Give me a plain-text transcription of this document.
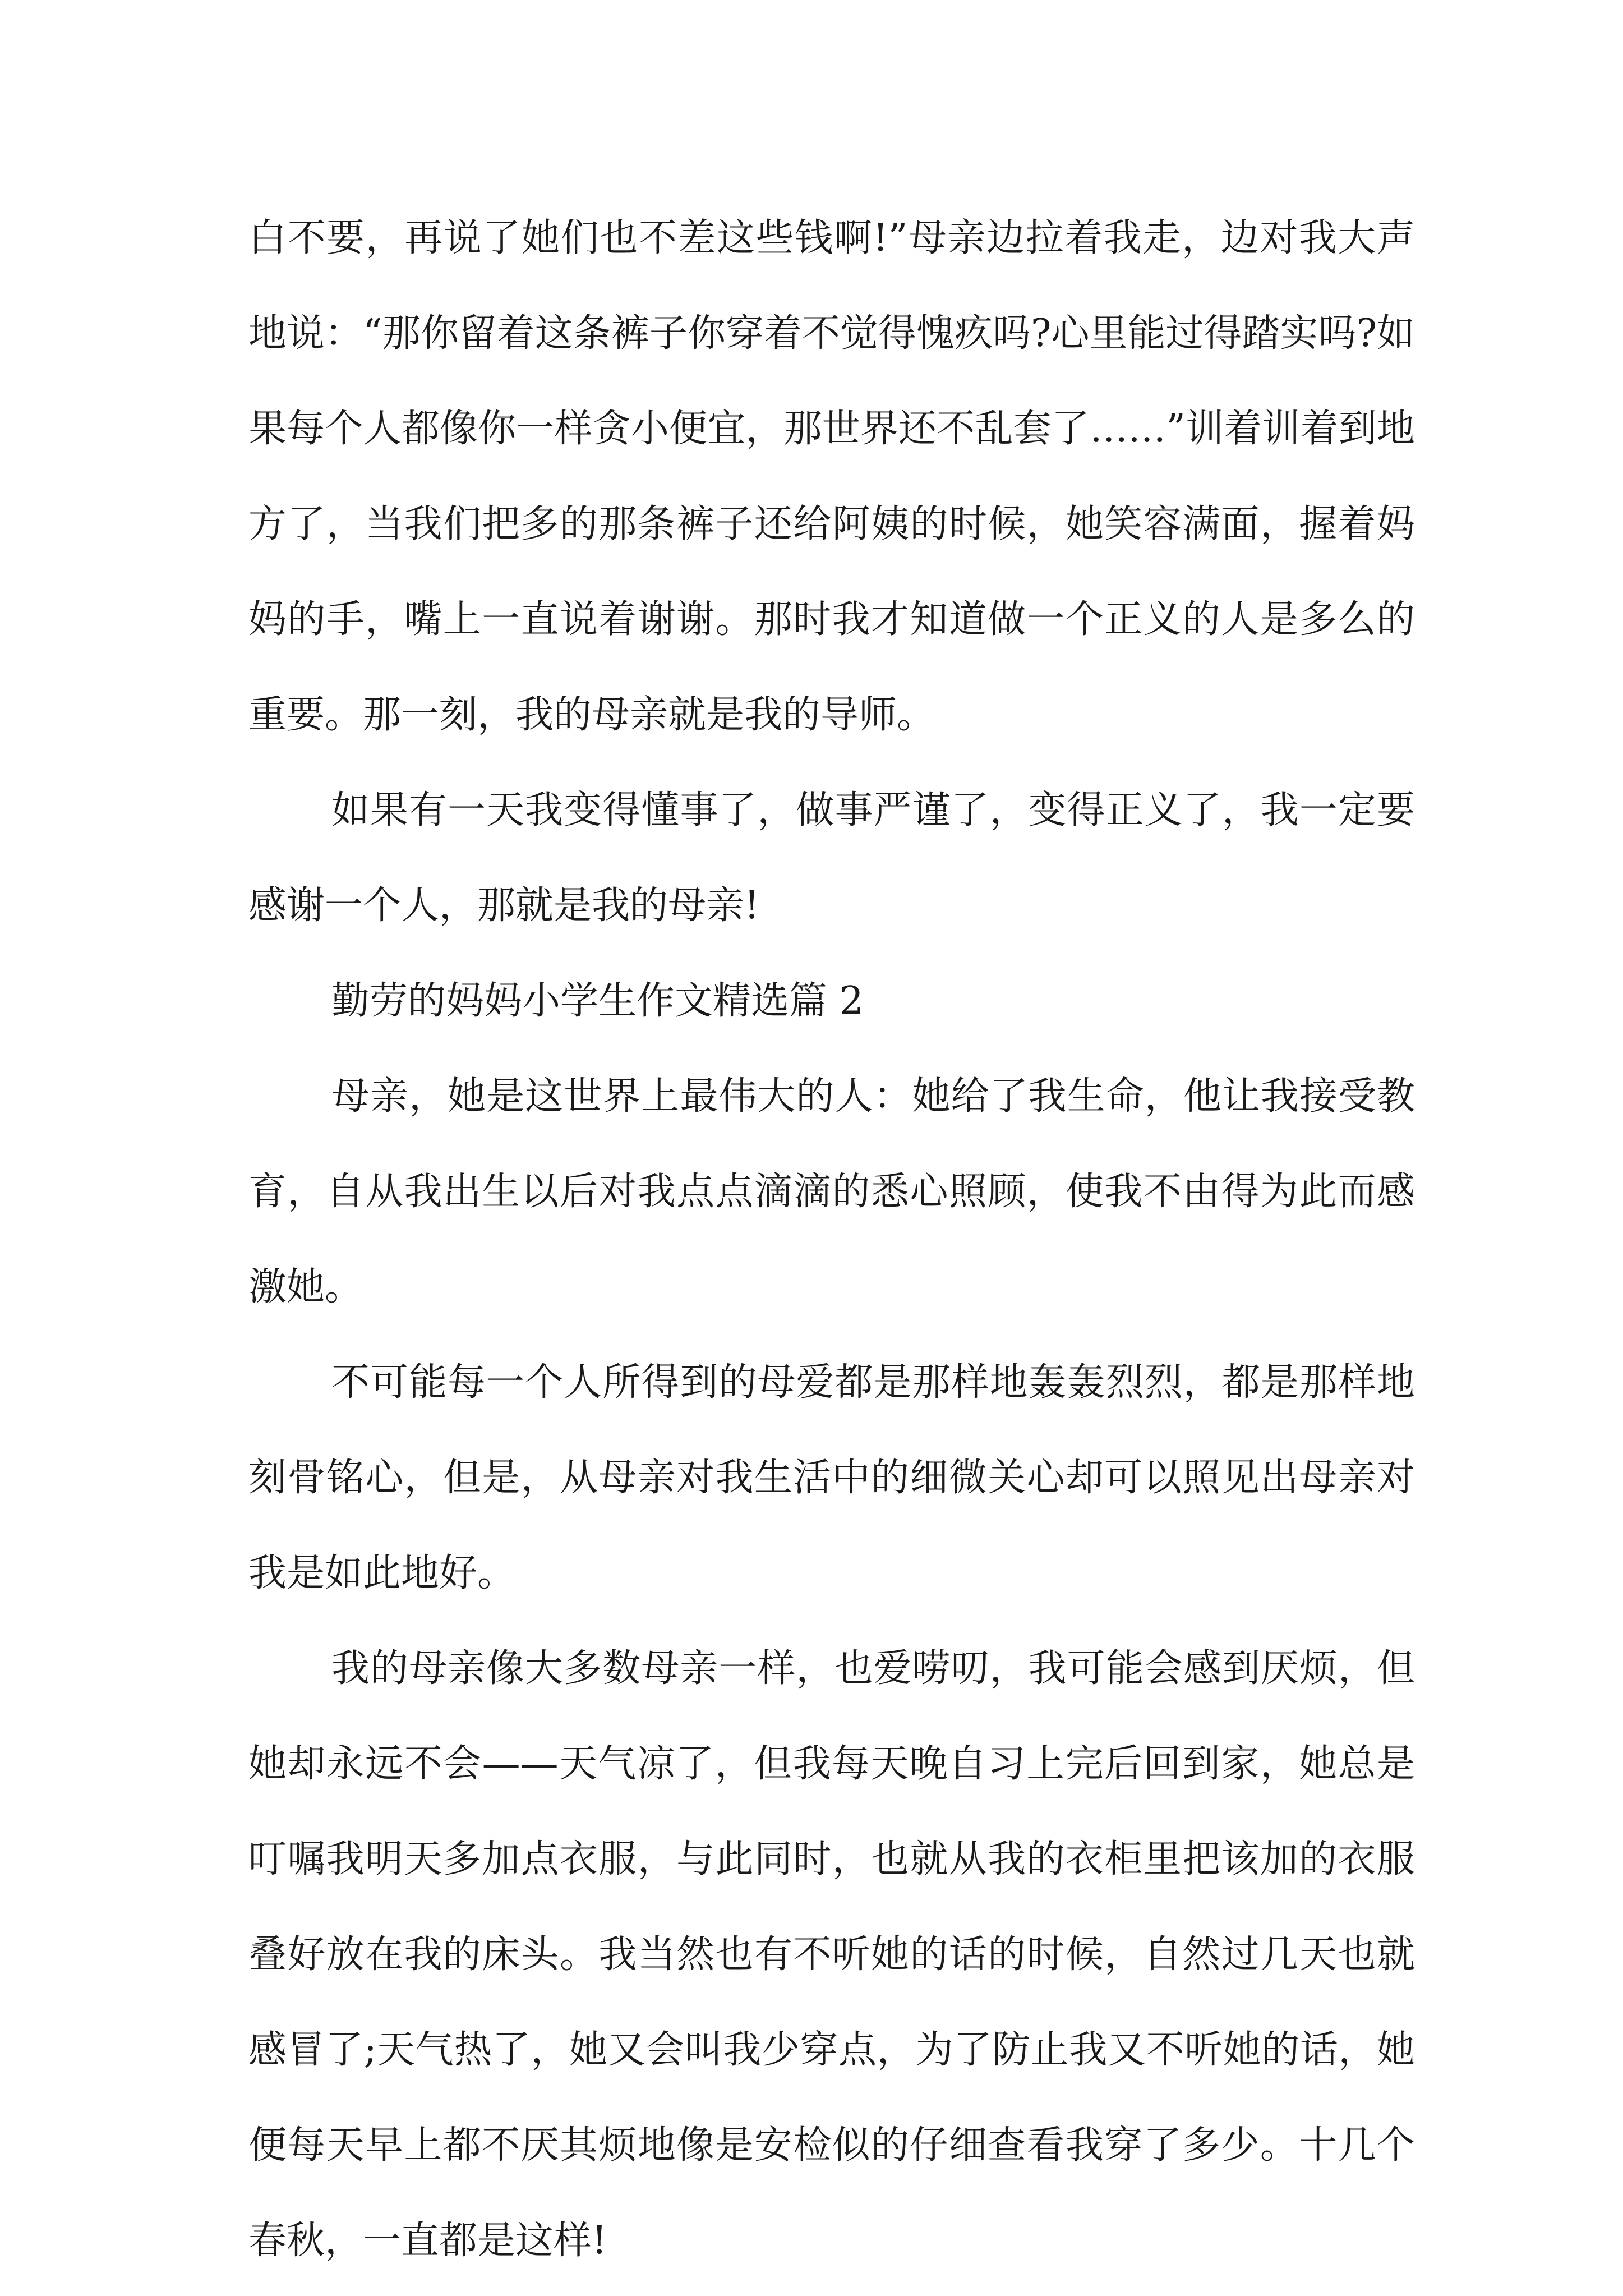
白不要，再说了她们也不差这些钱啊!”母亲边拉着我走，边对我大声地说：“那你留着这条裤子你穿着不觉得愧疚吗?心里能过得踏实吗?如果每个人都像你一样贪小便宜，那世界还不乱套了……”训着训着到地方了，当我们把多的那条裤子还给阿姨的时候，她笑容满面，握着妈妈的手，嘴上一直说着谢谢。那时我才知道做一个正义的人是多么的重要。那一刻，我的母亲就是我的导师。

如果有一天我变得懂事了，做事严谨了，变得正义了，我一定要感谢一个人，那就是我的母亲!

勤劳的妈妈小学生作文精选篇 2

母亲，她是这世界上最伟大的人：她给了我生命，他让我接受教育，自从我出生以后对我点点滴滴的悉心照顾，使我不由得为此而感激她。

不可能每一个人所得到的母爱都是那样地轰轰烈烈，都是那样地刻骨铭心，但是，从母亲对我生活中的细微关心却可以照见出母亲对我是如此地好。

我的母亲像大多数母亲一样，也爱唠叨，我可能会感到厌烦，但她却永远不会——天气凉了，但我每天晚自习上完后回到家，她总是叮嘱我明天多加点衣服，与此同时，也就从我的衣柜里把该加的衣服叠好放在我的床头。我当然也有不听她的话的时候，自然过几天也就感冒了;天气热了，她又会叫我少穿点，为了防止我又不听她的话，她便每天早上都不厌其烦地像是安检似的仔细查看我穿了多少。十几个春秋，一直都是这样!
